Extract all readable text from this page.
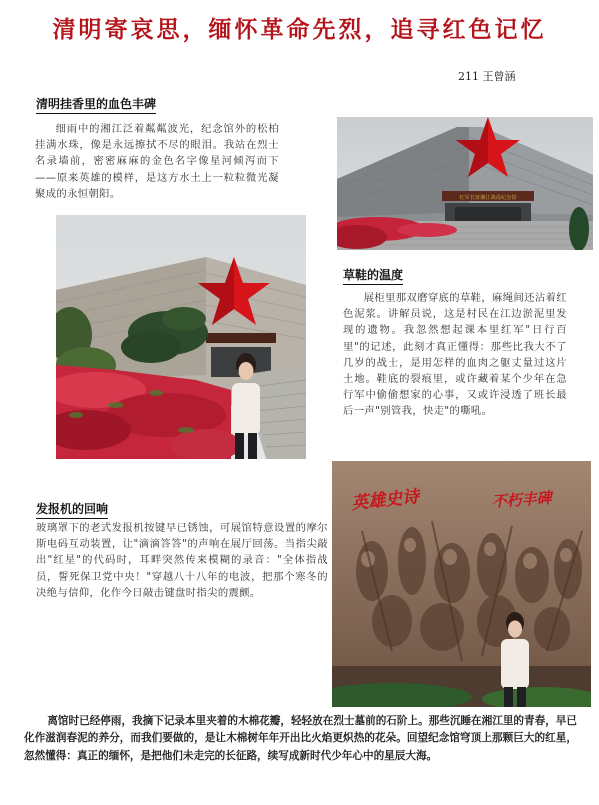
清明寄哀思，缅怀革命先烈，追寻红色记忆
211 王曾涵
清明挂香里的血色丰碑
细雨中的湘江泛着粼粼波光，纪念馆外的松柏挂满水珠，像是永远擦拭不尽的眼泪。我站在烈士名录墙前，密密麻麻的金色名字像星河倾泻而下——原来英雄的模样，是这方水土上一粒粒微光凝聚成的永恒朝阳。	红军长征湘江战役纪念馆
草鞋的温度
展柜里那双磨穿底的草鞋，麻绳间还沾着红色泥浆。讲解员说，这是村民在江边淤泥里发现的遗物。我忽然想起课本里红军"日行百里"的记述，此刻才真正懂得：那些比我大不了几岁的战士，是用怎样的血肉之躯丈量过这片土地。鞋底的裂痕里，或许藏着某个少年在急行军中偷偷想家的心事，又或许浸透了班长最后一声"别管我，快走"的嘶吼。
英雄史诗	不朽丰碑
发报机的回响
玻璃罩下的老式发报机按键早已锈蚀，可展馆特意设置的摩尔斯电码互动装置，让"滴滴答答"的声响在展厅回荡。当指尖敲出"红星"的代码时，耳畔突然传来模糊的录音："全体指战员，誓死保卫党中央！"穿越八十八年的电波，把那个寒冬的决绝与信仰，化作今日敲击键盘时指尖的震颤。
离馆时已经停雨，我摘下记录本里夹着的木棉花瓣，轻轻放在烈士墓前的石阶上。那些沉睡在湘江里的青春，早已化作滋润春泥的养分，而我们要做的，是让木棉树年年开出比火焰更炽热的花朵。回望纪念馆穹顶上那颗巨大的红星，忽然懂得：真正的缅怀，是把他们未走完的长征路，续写成新时代少年心中的星辰大海。
